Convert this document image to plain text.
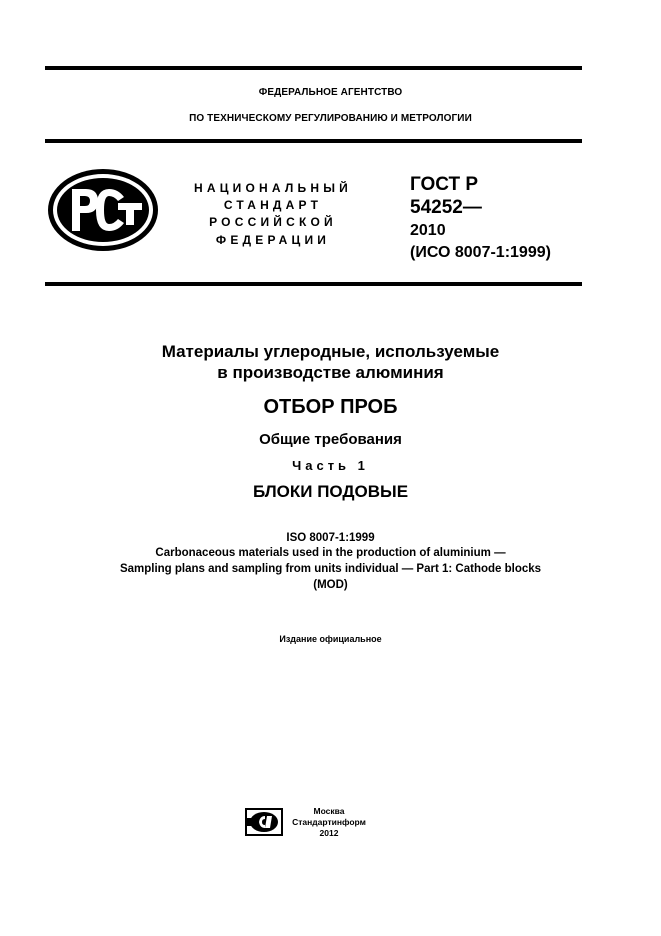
ФЕДЕРАЛЬНОЕ АГЕНТСТВО
ПО ТЕХНИЧЕСКОМУ РЕГУЛИРОВАНИЮ И МЕТРОЛОГИИ
НАЦИОНАЛЬНЫЙ
СТАНДАРТ
РОССИЙСКОЙ
ФЕДЕРАЦИИ
ГОСТ Р
54252—
2010
(ИСО 8007-1:1999)
Материалы углеродные, используемые
в производстве алюминия
ОТБОР ПРОБ
Общие требования
Часть 1
БЛОКИ ПОДОВЫЕ
ISO 8007-1:1999
Carbonaceous materials used in the production of aluminium —
Sampling plans and sampling from units individual — Part 1: Cathode blocks
(MOD)
Издание официальное
Москва
Стандартинформ
2012
